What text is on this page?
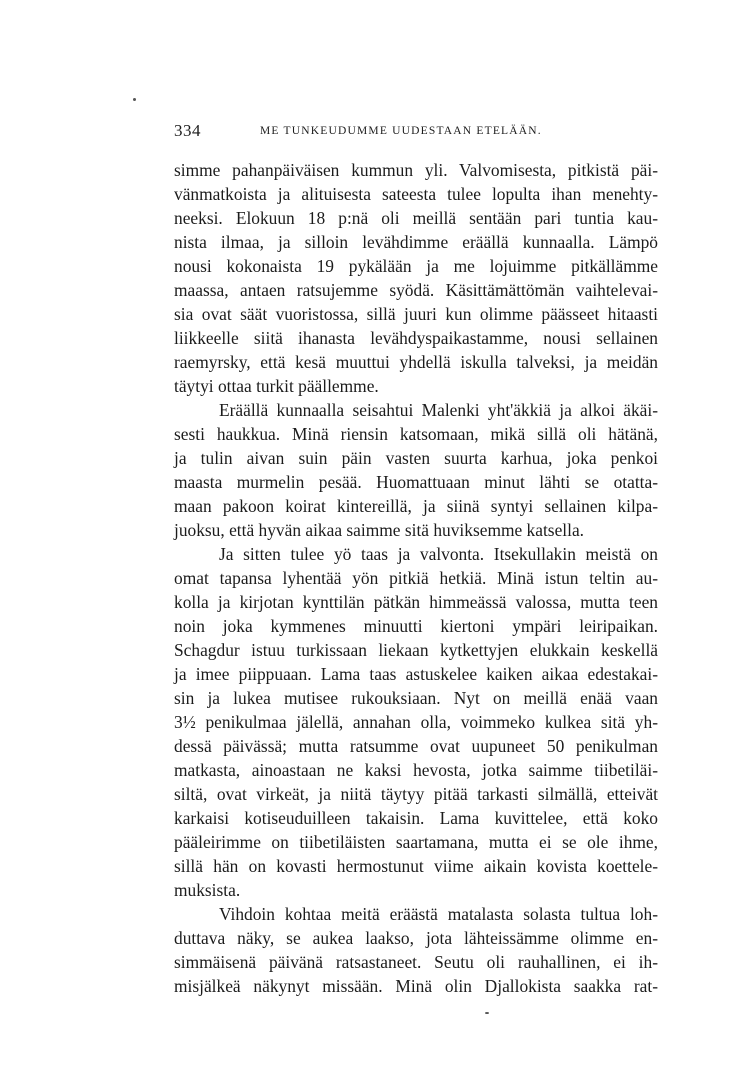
334	ME TUNKEUDUMME UUDESTAAN ETELÄÄN.
simme pahanpäiväisen kummun yli. Valvomisesta, pitkistä päi-
vänmatkoista ja alituisesta sateesta tulee lopulta ihan menehty-
neeksi. Elokuun 18 p:nä oli meillä sentään pari tuntia kau-
nista ilmaa, ja silloin levähdimme eräällä kunnaalla. Lämpö
nousi kokonaista 19 pykälään ja me lojuimme pitkällämme
maassa, antaen ratsujemme syödä. Käsittämättömän vaihtelevai-
sia ovat säät vuoristossa, sillä juuri kun olimme päässeet hitaasti
liikkeelle siitä ihanasta levähdyspaikastamme, nousi sellainen
raemyrsky, että kesä muuttui yhdellä iskulla talveksi, ja meidän
täytyi ottaa turkit päällemme.
Eräällä kunnaalla seisahtui Malenki yht'äkkiä ja alkoi äkäi-
sesti haukkua. Minä riensin katsomaan, mikä sillä oli hätänä,
ja tulin aivan suin päin vasten suurta karhua, joka penkoi
maasta murmelin pesää. Huomattuaan minut lähti se otatta-
maan pakoon koirat kintereillä, ja siinä syntyi sellainen kilpa-
juoksu, että hyvän aikaa saimme sitä huviksemme katsella.
Ja sitten tulee yö taas ja valvonta. Itsekullakin meistä on
omat tapansa lyhentää yön pitkiä hetkiä. Minä istun teltin au-
kolla ja kirjotan kynttilän pätkän himmeässä valossa, mutta teen
noin joka kymmenes minuutti kiertoni ympäri leiripaikan.
Schagdur istuu turkissaan liekaan kytkettyjen elukkain keskellä
ja imee piippuaan. Lama taas astuskelee kaiken aikaa edestakai-
sin ja lukea mutisee rukouksiaan. Nyt on meillä enää vaan
3½ penikulmaa jälellä, annahan olla, voimmeko kulkea sitä yh-
dessä päivässä; mutta ratsumme ovat uupuneet 50 penikulman
matkasta, ainoastaan ne kaksi hevosta, jotka saimme tiibetiläi-
siltä, ovat virkeät, ja niitä täytyy pitää tarkasti silmällä, etteivät
karkaisi kotiseuduilleen takaisin. Lama kuvittelee, että koko
pääleirimme on tiibetiläisten saartamana, mutta ei se ole ihme,
sillä hän on kovasti hermostunut viime aikain kovista koettele-
muksista.
Vihdoin kohtaa meitä eräästä matalasta solasta tultua loh-
duttava näky, se aukea laakso, jota lähteissämme olimme en-
simmäisenä päivänä ratsastaneet. Seutu oli rauhallinen, ei ih-
misjälkeä näkynyt missään. Minä olin Djallokista saakka rat-
